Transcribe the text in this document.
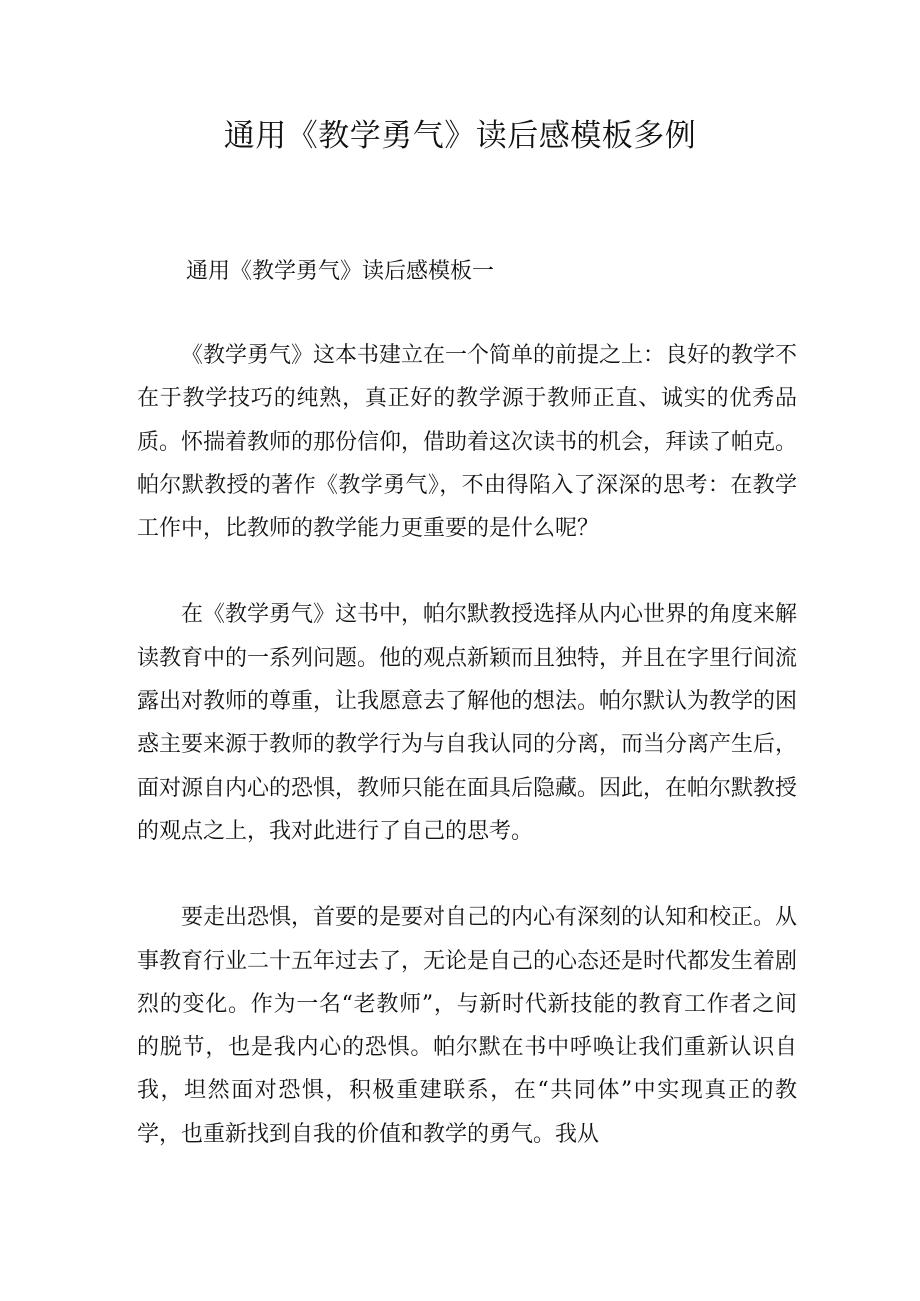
通用《教学勇气》读后感模板多例
通用《教学勇气》读后感模板一

《教学勇气》这本书建立在一个简单的前提之上：良好的教学不在于教学技巧的纯熟，真正好的教学源于教师正直、诚实的优秀品质。怀揣着教师的那份信仰，借助着这次读书的机会，拜读了帕克。帕尔默教授的著作《教学勇气》，不由得陷入了深深的思考：在教学工作中，比教师的教学能力更重要的是什么呢？

在《教学勇气》这书中，帕尔默教授选择从内心世界的角度来解读教育中的一系列问题。他的观点新颖而且独特，并且在字里行间流露出对教师的尊重，让我愿意去了解他的想法。帕尔默认为教学的困惑主要来源于教师的教学行为与自我认同的分离，而当分离产生后，面对源自内心的恐惧，教师只能在面具后隐藏。因此，在帕尔默教授的观点之上，我对此进行了自己的思考。

要走出恐惧，首要的是要对自己的内心有深刻的认知和校正。从事教育行业二十五年过去了，无论是自己的心态还是时代都发生着剧烈的变化。作为一名“老教师”，与新时代新技能的教育工作者之间的脱节，也是我内心的恐惧。帕尔默在书中呼唤让我们重新认识自我，坦然面对恐惧，积极重建联系，在“共同体”中实现真正的教学，也重新找到自我的价值和教学的勇气。我从
